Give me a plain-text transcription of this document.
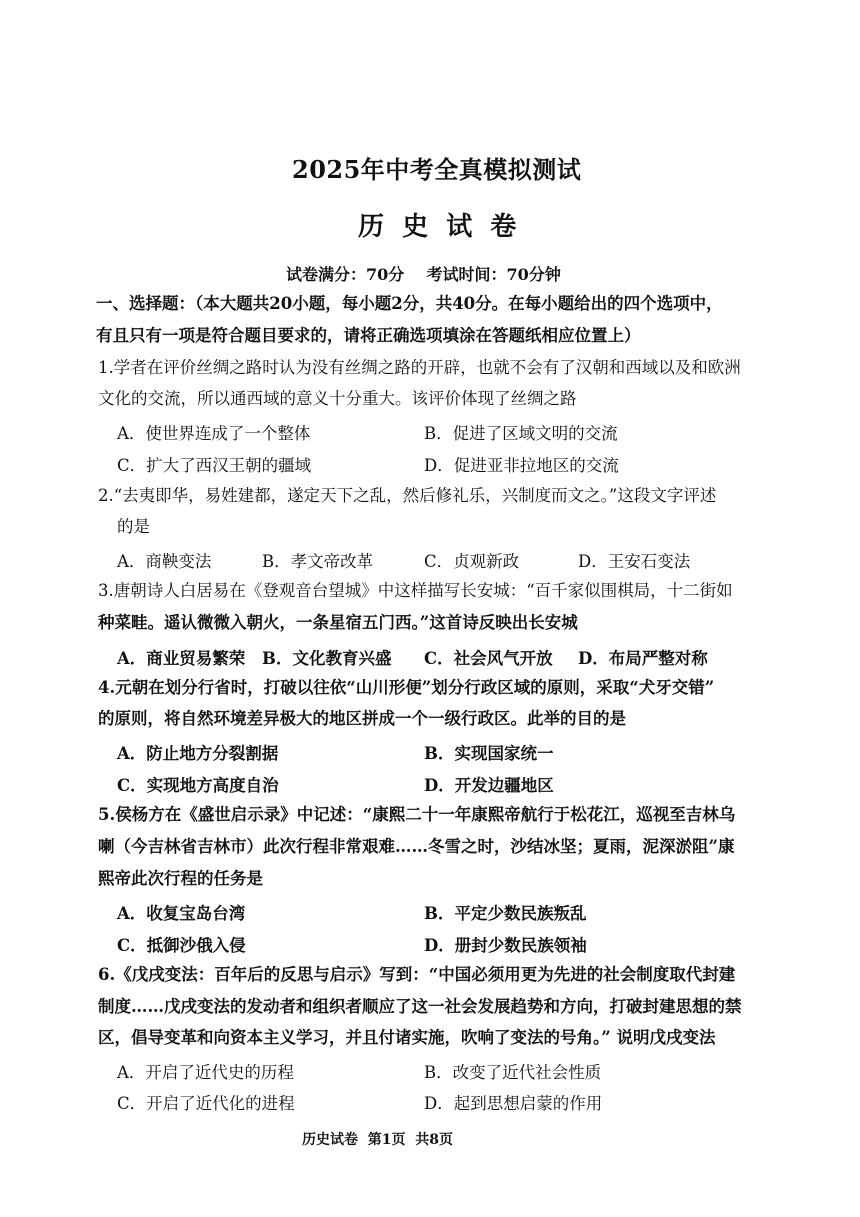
2025年中考全真模拟测试
历  史  试  卷
试卷满分：70分    考试时间：70分钟
一、选择题：（本大题共20小题，每小题2分，共40分。在每小题给出的四个选项中，
有且只有一项是符合题目要求的，请将正确选项填涂在答题纸相应位置上）
1.学者在评价丝绸之路时认为没有丝绸之路的开辟，也就不会有了汉朝和西域以及和欧洲
文化的交流，所以通西域的意义十分重大。该评价体现了丝绸之路
A．使世界连成了一个整体	B．促进了区域文明的交流
C．扩大了西汉王朝的疆域	D．促进亚非拉地区的交流
2.“去夷即华，易姓建都，遂定天下之乱，然后修礼乐，兴制度而文之。”这段文字评述
的是
A．商鞅变法	B．孝文帝改革	C．贞观新政	D．王安石变法
3.唐朝诗人白居易在《登观音台望城》中这样描写长安城：“百千家似围棋局，十二街如
种菜畦。遥认微微入朝火，一条星宿五门西。”这首诗反映出长安城
A．商业贸易繁荣 B．文化教育兴盛 C．社会风气开放 D．布局严整对称
4.元朝在划分行省时，打破以往依“山川形便”划分行政区域的原则，采取“犬牙交错”
的原则，将自然环境差异极大的地区拼成一个一级行政区。此举的目的是
A．防止地方分裂割据	B．实现国家统一
C．实现地方高度自治	D．开发边疆地区
5.侯杨方在《盛世启示录》中记述：“康熙二十一年康熙帝航行于松花江，巡视至吉林乌
喇（今吉林省吉林市）此次行程非常艰难……冬雪之时，沙结冰坚；夏雨，泥深淤阻”康
熙帝此次行程的任务是
A．收复宝岛台湾	B．平定少数民族叛乱
C．抵御沙俄入侵	D．册封少数民族领袖
6.《戊戌变法：百年后的反思与启示》写到：“中国必须用更为先进的社会制度取代封建
制度……戊戌变法的发动者和组织者顺应了这一社会发展趋势和方向，打破封建思想的禁
区，倡导变革和向资本主义学习，并且付诸实施，吹响了变法的号角。” 说明戊戌变法
A．开启了近代史的历程	B．改变了近代社会性质
C．开启了近代化的进程	D．起到思想启蒙的作用
历史试卷  第1页  共8页
